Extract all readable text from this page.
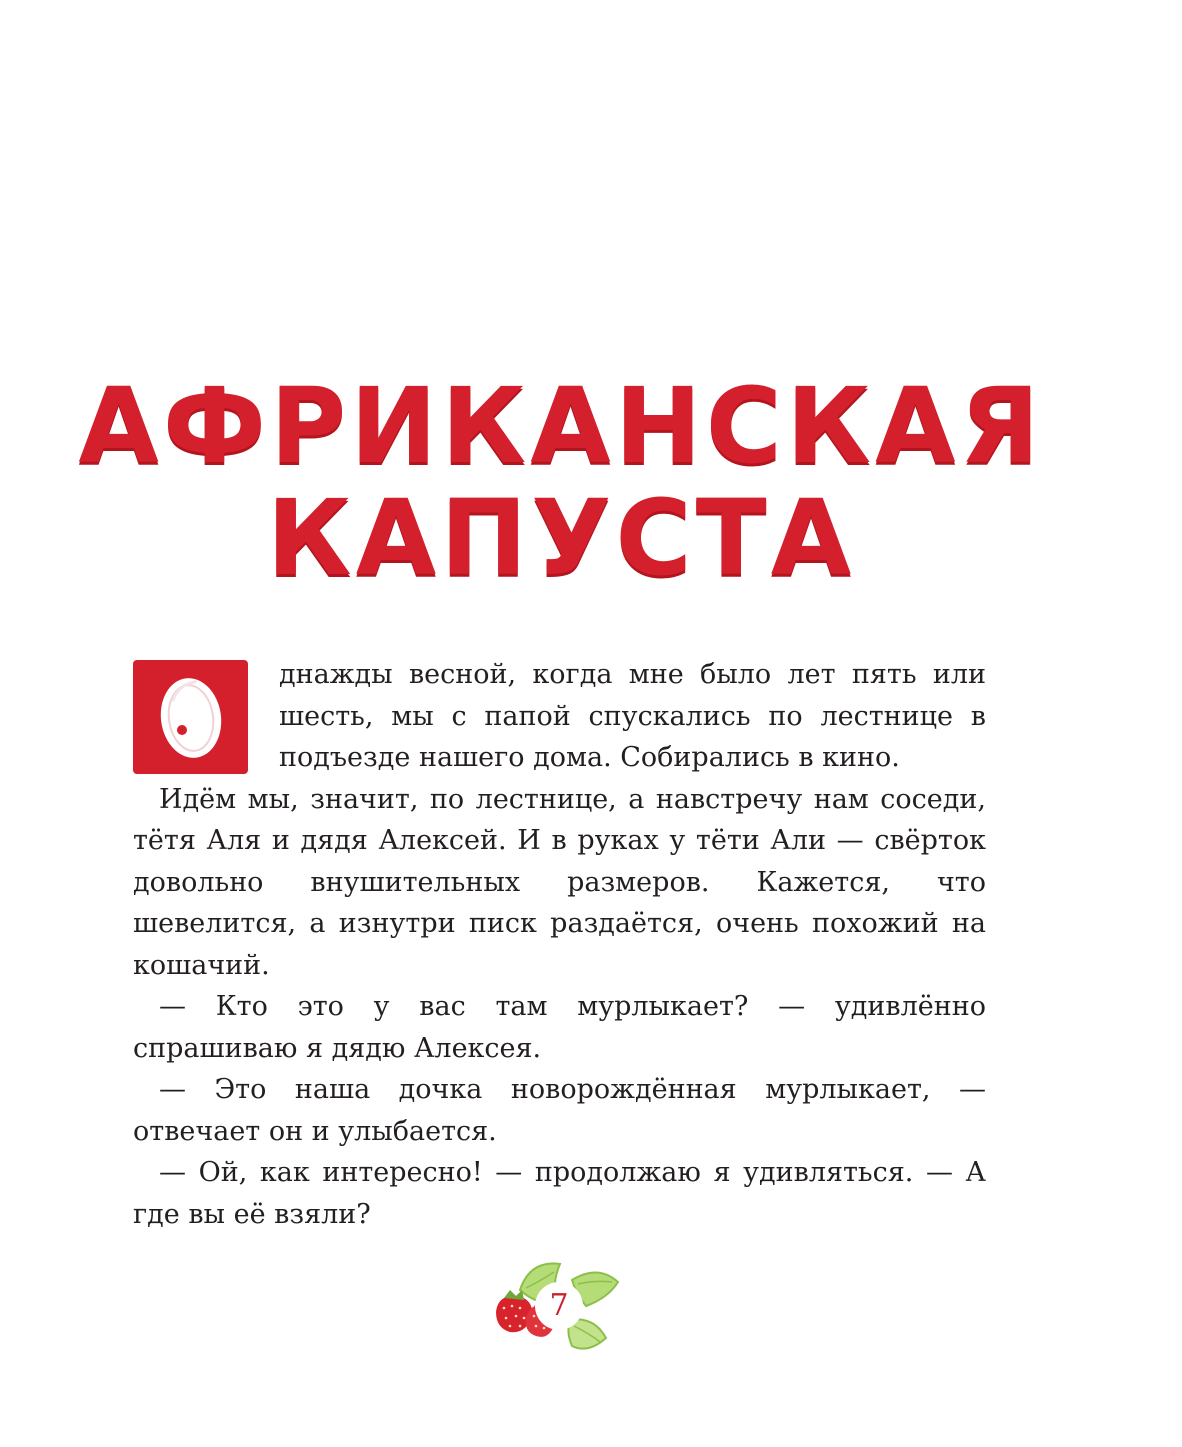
АФРИКАНСКАЯ
КАПУСТА

днажды весной, когда мне было лет пять или шесть, мы с папой спускались по лестнице в подъезде нашего дома. Собирались в кино.

Идём мы, значит, по лестнице, а навстречу нам соседи, тётя Аля и дядя Алексей. И в руках у тёти Али — свёрток довольно внушительных размеров. Кажется, что шевелится, а изнутри писк раздаётся, очень похожий на кошачий.

— Кто это у вас там мурлыкает? — удивлённо спрашиваю я дядю Алексея.

— Это наша дочка новорождённая мурлыкает, — отвечает он и улыбается.

— Ой, как интересно! — продолжаю я удивляться. — А где вы её взяли?

7
